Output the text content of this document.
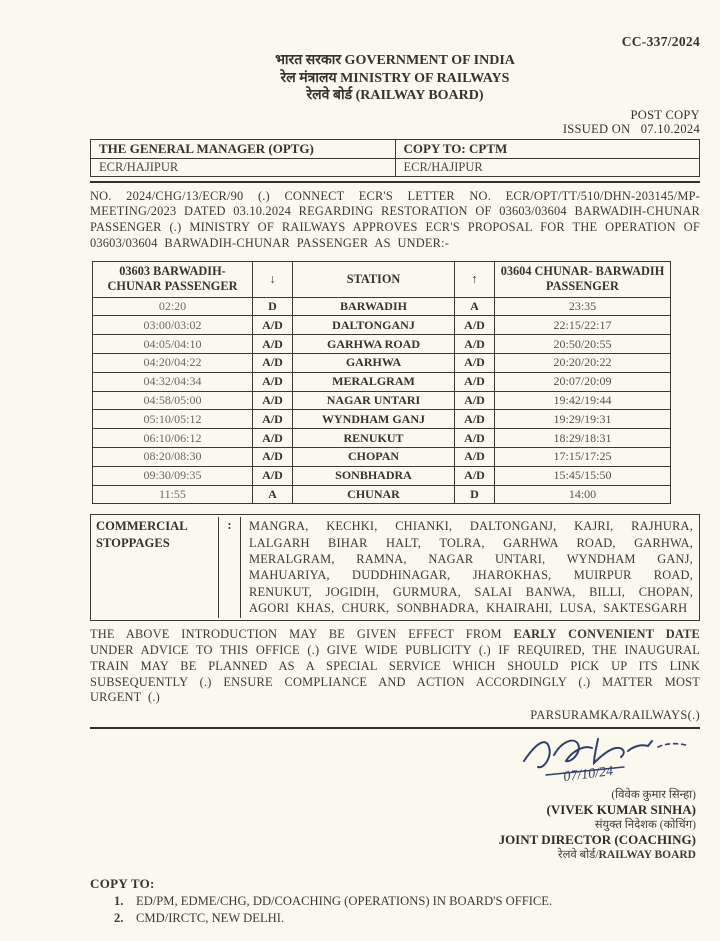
CC-337/2024
भारत सरकार GOVERNMENT OF INDIA
रेल मंत्रालय MINISTRY OF RAILWAYS
रेलवे बोर्ड (RAILWAY BOARD)
POST COPY
ISSUED ON   07.10.2024
THE GENERAL MANAGER (OPTG)	COPY TO: CPTM
ECR/HAJIPUR	ECR/HAJIPUR
NO. 2024/CHG/13/ECR/90 (.) CONNECT ECR'S LETTER NO. ECR/OPT/TT/510/DHN-203145/MP-MEETING/2023 DATED 03.10.2024 REGARDING RESTORATION OF 03603/03604 BARWADIH-CHUNAR PASSENGER (.) MINISTRY OF RAILWAYS APPROVES ECR'S PROPOSAL FOR THE OPERATION OF 03603/03604 BARWADIH-CHUNAR PASSENGER AS UNDER:-
03603 BARWADIH- CHUNAR PASSENGER	↓	STATION	↑	03604 CHUNAR- BARWADIH PASSENGER
02:20	D	BARWADIH	A	23:35
03:00/03:02	A/D	DALTONGANJ	A/D	22:15/22:17
04:05/04:10	A/D	GARHWA ROAD	A/D	20:50/20:55
04:20/04:22	A/D	GARHWA	A/D	20:20/20:22
04:32/04:34	A/D	MERALGRAM	A/D	20:07/20:09
04:58/05:00	A/D	NAGAR UNTARI	A/D	19:42/19:44
05:10/05:12	A/D	WYNDHAM GANJ	A/D	19:29/19:31
06:10/06:12	A/D	RENUKUT	A/D	18:29/18:31
08:20/08:30	A/D	CHOPAN	A/D	17:15/17:25
09:30/09:35	A/D	SONBHADRA	A/D	15:45/15:50
11:55	A	CHUNAR	D	14:00
COMMERCIAL STOPPAGES
:	MANGRA, KECHKI, CHIANKI, DALTONGANJ, KAJRI, RAJHURA, LALGARH BIHAR HALT, TOLRA, GARHWA ROAD, GARHWA, MERALGRAM, RAMNA, NAGAR UNTARI, WYNDHAM GANJ, MAHUARIYA, DUDDHINAGAR, JHAROKHAS, MUIRPUR ROAD, RENUKUT, JOGIDIH, GURMURA, SALAI BANWA, BILLI, CHOPAN, AGORI KHAS, CHURK, SONBHADRA, KHAIRAHI, LUSA, SAKTESGARH
THE ABOVE INTRODUCTION MAY BE GIVEN EFFECT FROM EARLY CONVENIENT DATE UNDER ADVICE TO THIS OFFICE (.) GIVE WIDE PUBLICITY (.) IF REQUIRED, THE INAUGURAL TRAIN MAY BE PLANNED AS A SPECIAL SERVICE WHICH SHOULD PICK UP ITS LINK SUBSEQUENTLY (.) ENSURE COMPLIANCE AND ACTION ACCORDINGLY (.) MATTER MOST URGENT (.)
PARSURAMKA/RAILWAYS(.)
07/10/24
(विवेक कुमार सिन्हा)
(VIVEK KUMAR SINHA)
संयुक्त निदेशक (कोचिंग)
JOINT DIRECTOR (COACHING)
रेलवे बोर्ड/RAILWAY BOARD
COPY TO:
1. ED/PM, EDME/CHG, DD/COACHING (OPERATIONS) IN BOARD'S OFFICE.
2. CMD/IRCTC, NEW DELHI.
